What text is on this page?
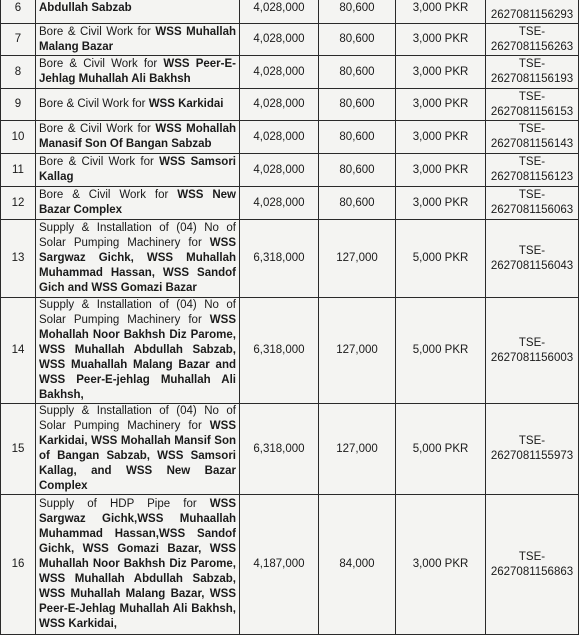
6	Abdullah Sabzab	4,028,000	80,600	3,000 PKR	2627081156293
7	Bore & Civil Work for WSS Muhallah Malang Bazar	4,028,000	80,600	3,000 PKR	TSE-
2627081156263
8	Bore & Civil Work for WSS Peer-E-Jehlag Muhallah Ali Bakhsh	4,028,000	80,600	3,000 PKR	TSE-
2627081156193
9	Bore & Civil Work for WSS Karkidai	4,028,000	80,600	3,000 PKR	TSE-
2627081156153
10	Bore & Civil Work for WSS Mohallah Manasif Son Of Bangan Sabzab	4,028,000	80,600	3,000 PKR	TSE-
2627081156143
11	Bore & Civil Work for WSS Samsori Kallag	4,028,000	80,600	3,000 PKR	TSE-
2627081156123
12	Bore & Civil Work for WSS New Bazar Complex	4,028,000	80,600	3,000 PKR	TSE-
2627081156063
13	Supply & Installation of (04) No of Solar Pumping Machinery for WSS Sargwaz Gichk, WSS Muhallah Muhammad Hassan, WSS Sandof Gich and WSS Gomazi Bazar	6,318,000	127,000	5,000 PKR	TSE-
2627081156043
14	Supply & Installation of (04) No of Solar Pumping Machinery for WSS Mohallah Noor Bakhsh Diz Parome, WSS Muhallah Abdullah Sabzab, WSS Muahallah Malang Bazar and WSS Peer-E-jehlag Muhallah Ali Bakhsh,	6,318,000	127,000	5,000 PKR	TSE-
2627081156003
15	Supply & Installation of (04) No of Solar Pumping Machinery for WSS Karkidai, WSS Mohallah Mansif Son of Bangan Sabzab, WSS Samsori Kallag, and WSS New Bazar Complex	6,318,000	127,000	5,000 PKR	TSE-
2627081155973
16	Supply of HDP Pipe for WSS Sargwaz Gichk,WSS Muhaallah Muhammad Hassan,WSS Sandof Gichk, WSS Gomazi Bazar, WSS Muhallah Noor Bakhsh Diz Parome, WSS Muhallah Abdullah Sabzab, WSS Muhallah Malang Bazar, WSS Peer-E-Jehlag Muhallah Ali Bakhsh, WSS Karkidai,	4,187,000	84,000	3,000 PKR	TSE-
2627081156863
